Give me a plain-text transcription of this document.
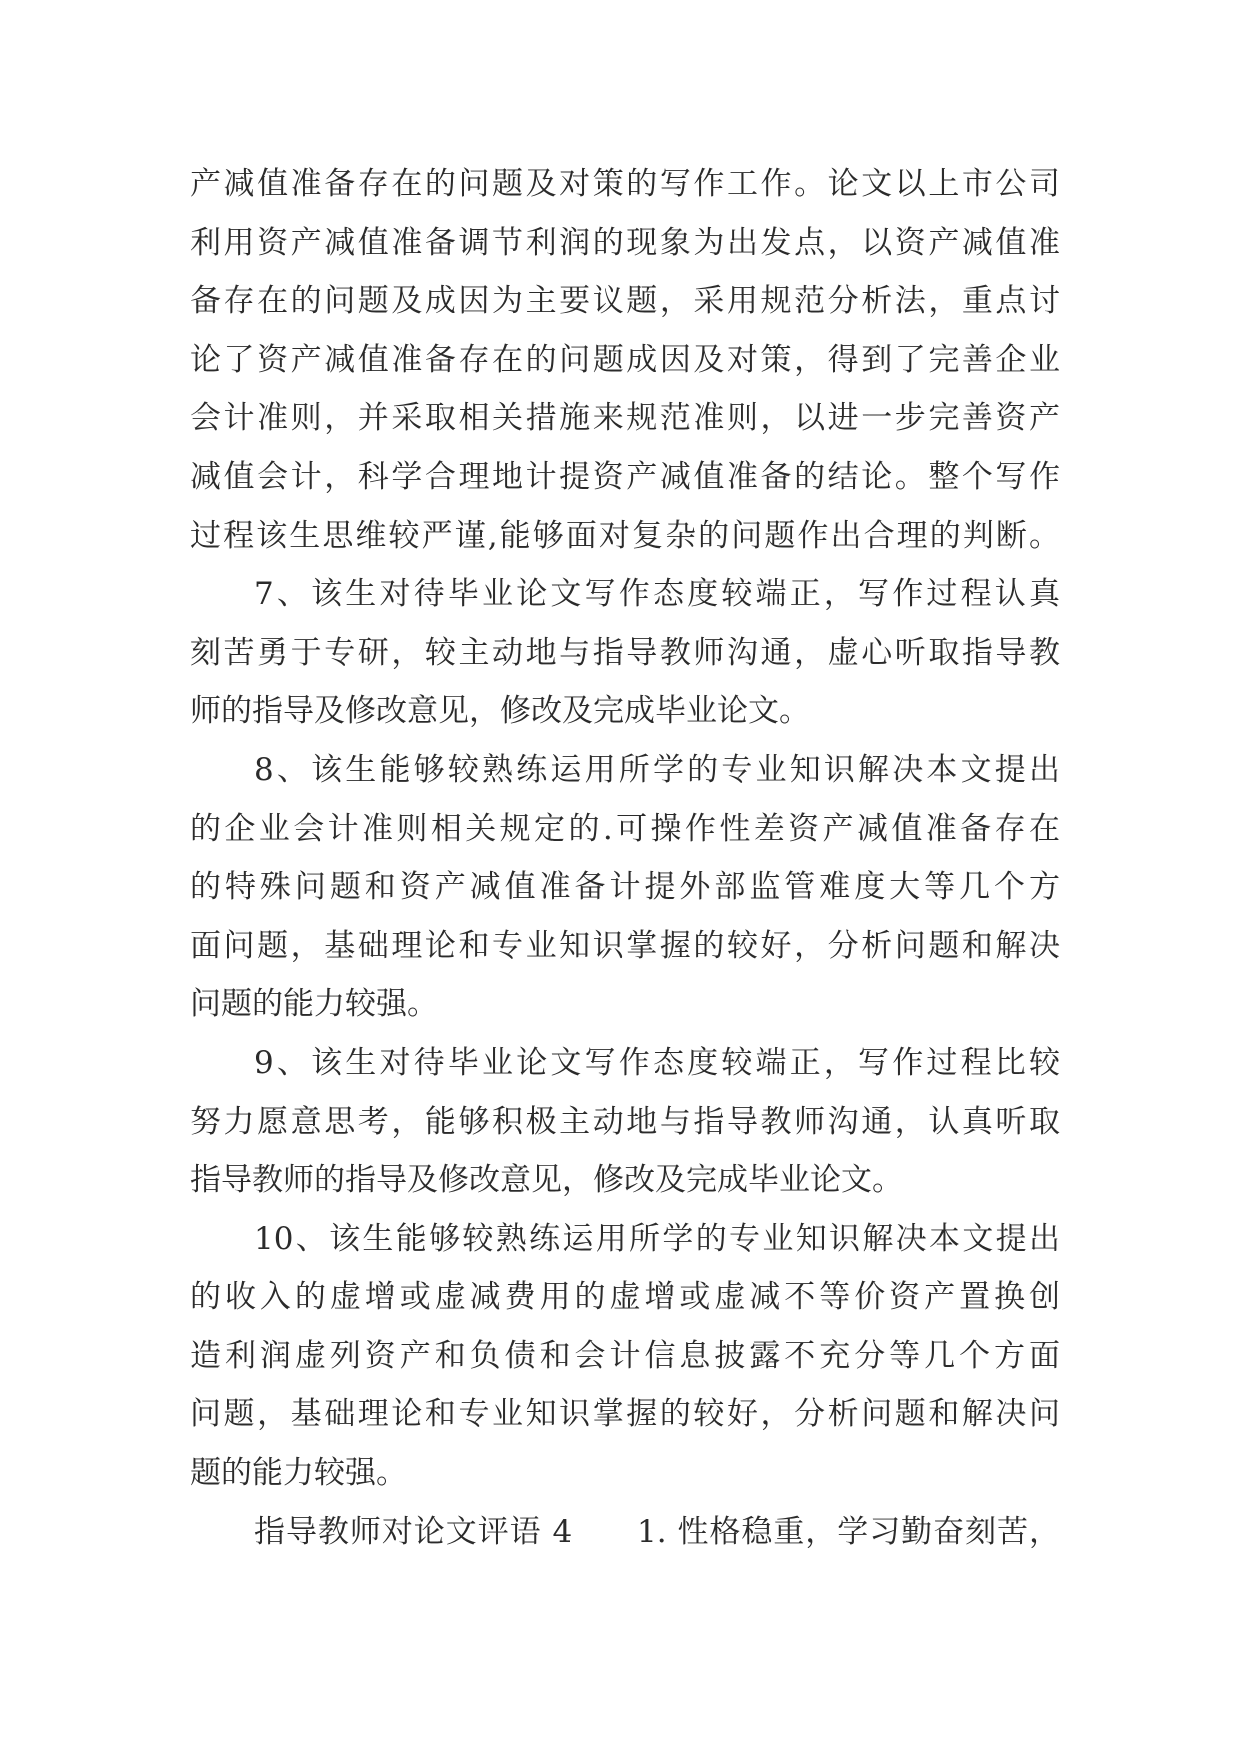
产减值准备存在的问题及对策的写作工作。论文以上市公司
利用资产减值准备调节利润的现象为出发点，以资产减值准
备存在的问题及成因为主要议题，采用规范分析法，重点讨
论了资产减值准备存在的问题成因及对策，得到了完善企业
会计准则，并采取相关措施来规范准则，以进一步完善资产
减值会计，科学合理地计提资产减值准备的结论。整个写作
过程该生思维较严谨,能够面对复杂的问题作出合理的判断。
7、该生对待毕业论文写作态度较端正，写作过程认真
刻苦勇于专研，较主动地与指导教师沟通，虚心听取指导教
师的指导及修改意见，修改及完成毕业论文。
8、该生能够较熟练运用所学的专业知识解决本文提出
的企业会计准则相关规定的.可操作性差资产减值准备存在
的特殊问题和资产减值准备计提外部监管难度大等几个方
面问题，基础理论和专业知识掌握的较好，分析问题和解决
问题的能力较强。
9、该生对待毕业论文写作态度较端正，写作过程比较
努力愿意思考，能够积极主动地与指导教师沟通，认真听取
指导教师的指导及修改意见，修改及完成毕业论文。
10、该生能够较熟练运用所学的专业知识解决本文提出
的收入的虚增或虚减费用的虚增或虚减不等价资产置换创
造利润虚列资产和负债和会计信息披露不充分等几个方面
问题，基础理论和专业知识掌握的较好，分析问题和解决问
题的能力较强。
指导教师对论文评语 4　　1. 性格稳重，学习勤奋刻苦，
